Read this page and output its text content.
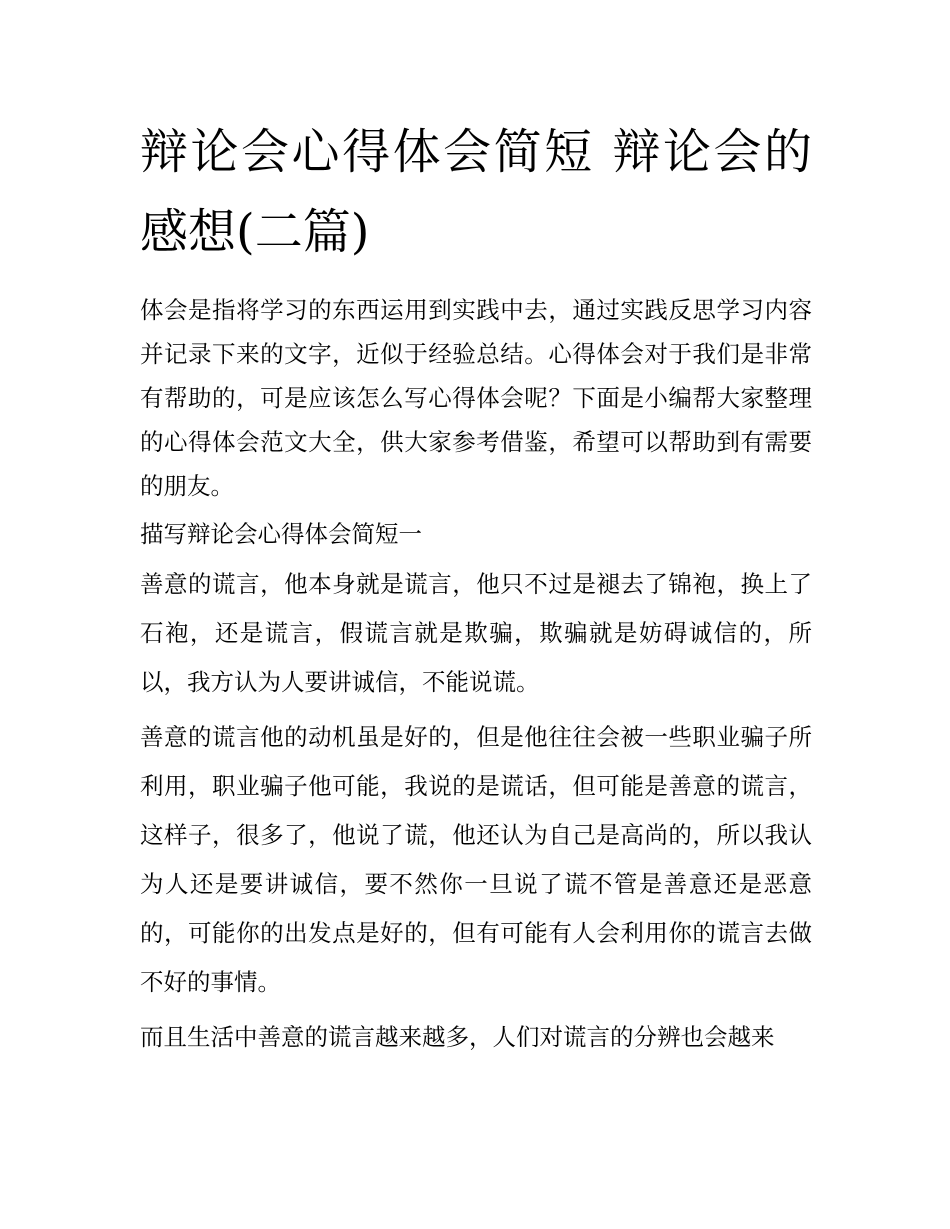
辩论会心得体会简短 辩论会的感想(二篇)

体会是指将学习的东西运用到实践中去，通过实践反思学习内容并记录下来的文字，近似于经验总结。心得体会对于我们是非常有帮助的，可是应该怎么写心得体会呢？下面是小编帮大家整理的心得体会范文大全，供大家参考借鉴，希望可以帮助到有需要的朋友。

描写辩论会心得体会简短一

善意的谎言，他本身就是谎言，他只不过是褪去了锦袍，换上了石袍，还是谎言，假谎言就是欺骗，欺骗就是妨碍诚信的，所以，我方认为人要讲诚信，不能说谎。

善意的谎言他的动机虽是好的，但是他往往会被一些职业骗子所利用，职业骗子他可能，我说的是谎话，但可能是善意的谎言，这样子，很多了，他说了谎，他还认为自己是高尚的，所以我认为人还是要讲诚信，要不然你一旦说了谎不管是善意还是恶意的，可能你的出发点是好的，但有可能有人会利用你的谎言去做不好的事情。

而且生活中善意的谎言越来越多，人们对谎言的分辨也会越来
